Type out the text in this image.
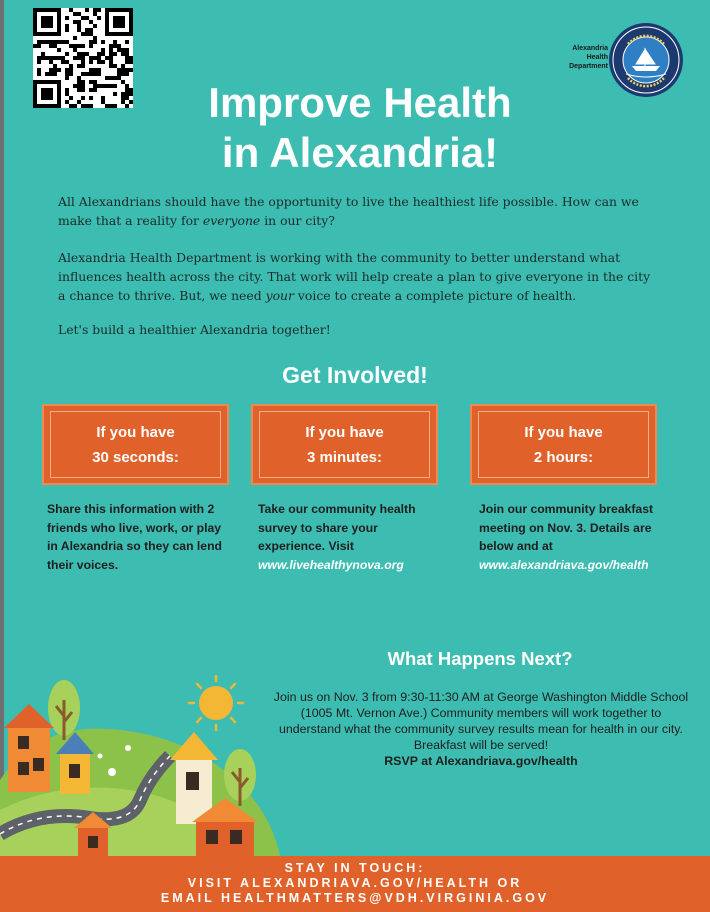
Alexandria
Health
Department
Improve Health
in Alexandria!

All Alexandrians should have the opportunity to live the healthiest life possible. How can we make that a reality for everyone in our city?

Alexandria Health Department is working with the community to better understand what influences health across the city. That work will help create a plan to give everyone in the city a chance to thrive. But, we need your voice to create a complete picture of health.

Let's build a healthier Alexandria together!

Get Involved!
If you have
30 seconds:
If you have
3 minutes:
If you have
2 hours:
Share this information with 2 friends who live, work, or play in Alexandria so they can lend their voices.
Take our community health survey to share your experience. Visit
www.livehealthynova.org
Join our community breakfast meeting on Nov. 3. Details are below and at
www.alexandriava.gov/health
What Happens Next?
Join us on Nov. 3 from 9:30-11:30 AM at George Washington Middle School (1005 Mt. Vernon Ave.) Community members will work together to understand what the community survey results mean for health in our city. Breakfast will be served!
RSVP at Alexandriava.gov/health
STAY IN TOUCH:
VISIT ALEXANDRIAVA.GOV/HEALTH OR
EMAIL HEALTHMATTERS@VDH.VIRGINIA.GOV
